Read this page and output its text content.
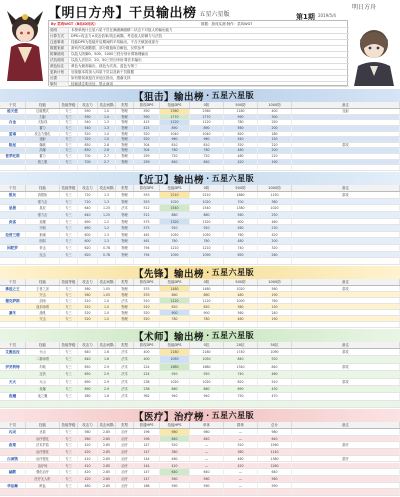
【明日方舟】干员输出榜 五星六星版	第1期 2019/5/4
明日方舟
By 菜鸡WGT（B站ID同名）	数据：游戏实测 制作：菜鸡WGT
说明	本榜单统计五星六星干员在满潜满级精二状态下对敌人的输出能力
计算方式	DPS=攻击力×攻击倍率/攻击间隔，考虑敌人防御力与法抗
注意事项	技能DPS为技能开启期间的平均输出，不含天赋加成部分
数据来源	游戏内实测数据，部分数值取自解包，仅供参考
防御说明	以敌人防御0、500、1000三档分别计算物理输出
法抗说明	以敌人法抗0、20、50三档分别计算法术输出
颜色标注	黄色为最高输出，绿色为次高，蓝色为第三
更新计划	后续版本将加入四星干员以及新干员数据
反馈	如有错误欢迎在评论区指出，感谢支持
版权	转载请注明出处，禁止商用
【 狙击 】 输出榜 · 五星六星版
干员	技能	技能等级	攻击力	攻击间隔	类型	普攻DPS	技能DPS	0防	500防	1000防	备注
能天使	过载模式	专三	590	1.0	物理	590	2360	2360	1180	400	连射
扫射	专三	590	1.0	物理	590	1770	1770	990	300
白金	天际线	专三	540	1.3	物理	415	1120	1120	780	250
蓄力	专三	540	1.3	物理	415	890	890	560	200
蓝毒	攻击力强化	专三	520	1.0	物理	520	1040	1040	620	180
速射	专三	520	1.0	物理	520	960	960	540	150
陨星	爆破	专三	850	2.8	物理	304	810	810	520	220	群攻
高爆	专三	850	2.8	物理	304	760	760	480	200
普罗旺斯	蓄力	专三	700	2.7	物理	259	720	720	480	210
狼之眼	专三	700	2.7	物理	259	640	640	420	190
【 近卫 】 输出榜 · 五星六星版
干员	技能	技能等级	攻击力	攻击间隔	类型	普攻DPS	技能DPS	0防	500防	1000防	备注
银灰	真银斩	专三	720	1.3	物理	553	2210	2210	1680	1150	群攻
强力击	专三	720	1.3	物理	553	1020	1020	700	380
星极	星辰	专三	640	1.25	法术	512	1540	1540	1380	1020
强力击	专三	640	1.25	物理	512	880	880	560	250
炎客	炎魔	专三	690	1.2	物理	575	1320	1320	900	460
突刺	专三	690	1.2	物理	575	920	920	560	230
拉普兰德	狼魂	专三	600	1.3	物理	461	1050	1050	760	420
削弱	专三	600	1.3	物理	461	780	780	480	200
因陀罗	拳击	专三	620	0.78	物理	794	1210	1210	740	320
连击	专三	620	0.78	物理	794	1090	1090	650	260
【 先锋 】 输出榜 · 五星六星版
干员	技能	技能等级	攻击力	攻击间隔	类型	普攻DPS	技能DPS	0防	500防	1000防	备注
推进之王	王者之剑	专三	560	1.05	物理	533	1480	1480	1020	560	群攻
突击	专三	560	1.05	物理	533	860	860	480	190
德克萨斯	剑雨	专三	510	1.0	法术	510	1120	1120	1000	760
战术咏唱	专三	510	1.0	物理	510	620	620	360	150
凛冬	战吼	专三	520	1.0	物理	520	900	900	560	240
突击	专三	520	1.0	物理	520	780	780	460	190
【 术师 】 输出榜 · 五星六星版
干员	技能	技能等级	攻击力	攻击间隔	类型	普攻DPS	技能DPS	0抗	20抗	50抗	备注
艾雅法拉	火山	专三	640	1.6	法术	400	2180	2180	1740	1090	群攻
二重咏唱	专三	640	1.6	法术	400	1050	1050	840	520
伊芙利特	灼地	专三	650	2.9	法术	224	1680	1680	1340	840	群攻
过热	专三	650	2.9	法术	224	920	920	740	460
天火	火山	专三	690	2.9	法术	238	1020	1020	820	510	群攻
炎爆	专三	690	2.9	法术	238	860	860	690	430
夜魔	夜之魔	专三	580	1.6	法术	362	940	940	750	470
【 医疗 】 治疗榜 · 五星六星版
干员	技能	技能等级	攻击力	攻击间隔	类型	普通HPS	技能HPS	单体	群体	总计	备注
闪灵	圣盾	专三	560	2.85	治疗	196	980	980	—	980
治疗强化	专三	560	2.85	治疗	196	640	640	—	640
夜莺	法术护盾	专三	420	2.85	治疗	147	520	—	520	1560	群疗
治疗强化	专三	420	2.85	治疗	147	380	—	380	1140
白面鸮	治疗强化	专三	410	2.85	治疗	144	460	—	460	1380	群疗
治疗场	专三	410	2.85	治疗	144	420	—	420	1260
赫默	强化治疗	专三	420	2.85	治疗	147	640	640	—	640
医疗无人机	专三	420	2.85	治疗	147	560	560	—	560
华法琳	鲜血	专三	480	2.85	治疗	168	590	590	—	590
